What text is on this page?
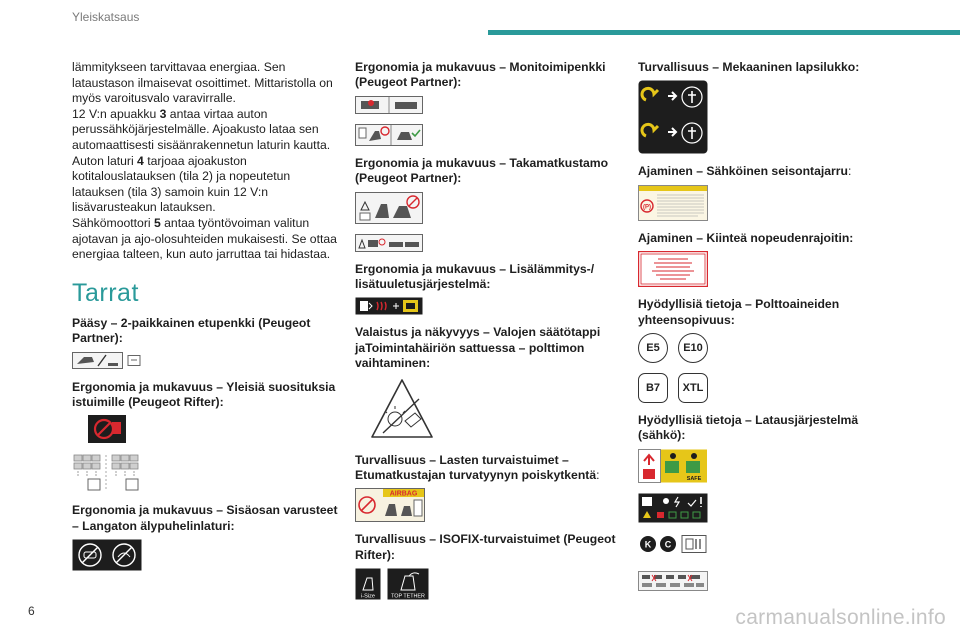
Yleiskatsaus

lämmitykseen tarvittavaa energiaa. Sen

lataustason ilmaisevat osoittimet. Mittaristolla on

myös varoitusvalo varavirralle.

12 V:n apuakku 3 antaa virtaa auton

perussähköjärjestelmälle. Ajoakusto lataa sen

automaattisesti sisäänrakennetun laturin kautta.

Auton laturi 4 tarjoaa ajoakuston

kotitalouslatauksen (tila 2) ja nopeutetun

latauksen (tila 3) samoin kuin 12 V:n

lisävarusteakun latauksen.

Sähkömoottori 5 antaa työntövoiman valitun

ajotavan ja ajo-olosuhteiden mukaisesti. Se ottaa

energiaa talteen, kun auto jarruttaa tai hidastaa.

Tarrat
Pääsy – 2-paikkainen etupenkki (Peugeot Partner):
Ergonomia ja mukavuus – Yleisiä suosituksia istuimille (Peugeot Rifter):
Ergonomia ja mukavuus – Sisäosan varusteet – Langaton älypuhelinlaturi:
Ergonomia ja mukavuus – Monitoimipenkki (Peugeot Partner):
Ergonomia ja mukavuus – Takamatkustamo (Peugeot Partner):
Ergonomia ja mukavuus – Lisälämmitys-/ lisätuuletusjärjestelmä:
Valaistus ja näkyvyys – Valojen säätötappi jaToimintahäiriön sattuessa – polttimon vaihtaminen:
Turvallisuus – Lasten turvaistuimet – Etumatkustajan turvatyynyn poiskytkentä:
AIRBAG
Turvallisuus – ISOFIX-turvaistuimet (Peugeot Rifter):
i-Size	TOP TETHER
Turvallisuus – Mekaaninen lapsilukko:
Ajaminen – Sähköinen seisontajarru:
(P)
Ajaminen – Kiinteä nopeudenrajoitin:
Hyödyllisiä tietoja – Polttoaineiden yhteensopivuus:
E5	E10
B7	XTL
Hyödyllisiä tietoja – Latausjärjestelmä (sähkö):
SAFE
K C
6	carmanualsonline.info
